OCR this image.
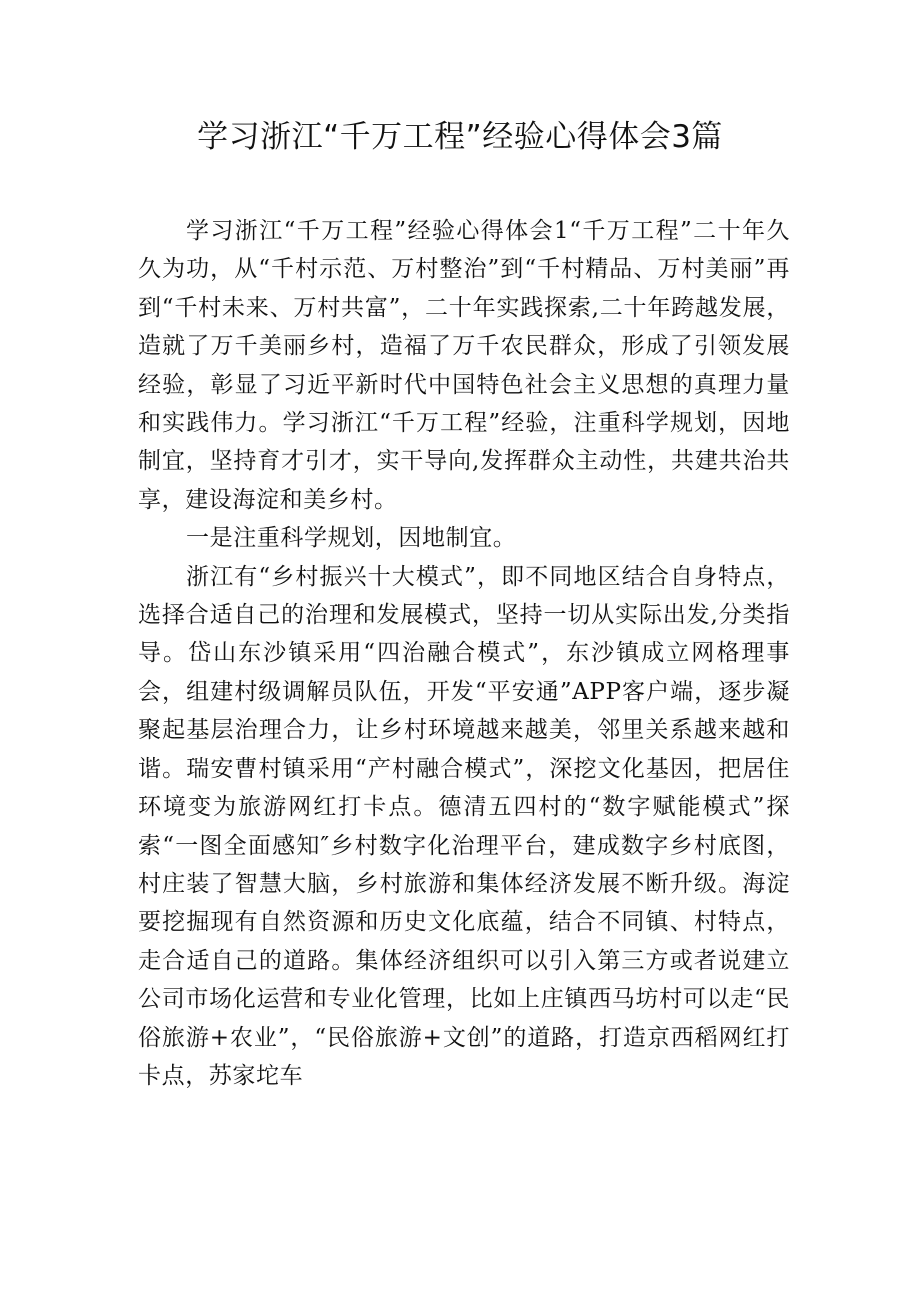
学习浙江“千万工程”经验心得体会3篇

学习浙江“千万工程”经验心得体会1“千万工程”二十年久久为功，从“千村示范、万村整治”到“千村精品、万村美丽”再到“千村未来、万村共富”，二十年实践探索,二十年跨越发展，造就了万千美丽乡村，造福了万千农民群众，形成了引领发展经验，彰显了习近平新时代中国特色社会主义思想的真理力量和实践伟力。学习浙江“千万工程”经验，注重科学规划，因地制宜，坚持育才引才，实干导向,发挥群众主动性，共建共治共享，建设海淀和美乡村。

一是注重科学规划，因地制宜。

浙江有“乡村振兴十大模式”，即不同地区结合自身特点，选择合适自己的治理和发展模式，坚持一切从实际出发,分类指导。岱山东沙镇采用“四治融合模式”，东沙镇成立网格理事会，组建村级调解员队伍，开发“平安通”APP客户端，逐步凝聚起基层治理合力，让乡村环境越来越美，邻里关系越来越和谐。瑞安曹村镇采用“产村融合模式”，深挖文化基因，把居住环境变为旅游网红打卡点。德清五四村的“数字赋能模式”探索“一图全面感知″乡村数字化治理平台，建成数字乡村底图，村庄装了智慧大脑，乡村旅游和集体经济发展不断升级。海淀要挖掘现有自然资源和历史文化底蕴，结合不同镇、村特点，走合适自己的道路。集体经济组织可以引入第三方或者说建立公司市场化运营和专业化管理，比如上庄镇西马坊村可以走“民俗旅游+农业”，“民俗旅游+文创”的道路，打造京西稻网红打卡点，苏家坨车
